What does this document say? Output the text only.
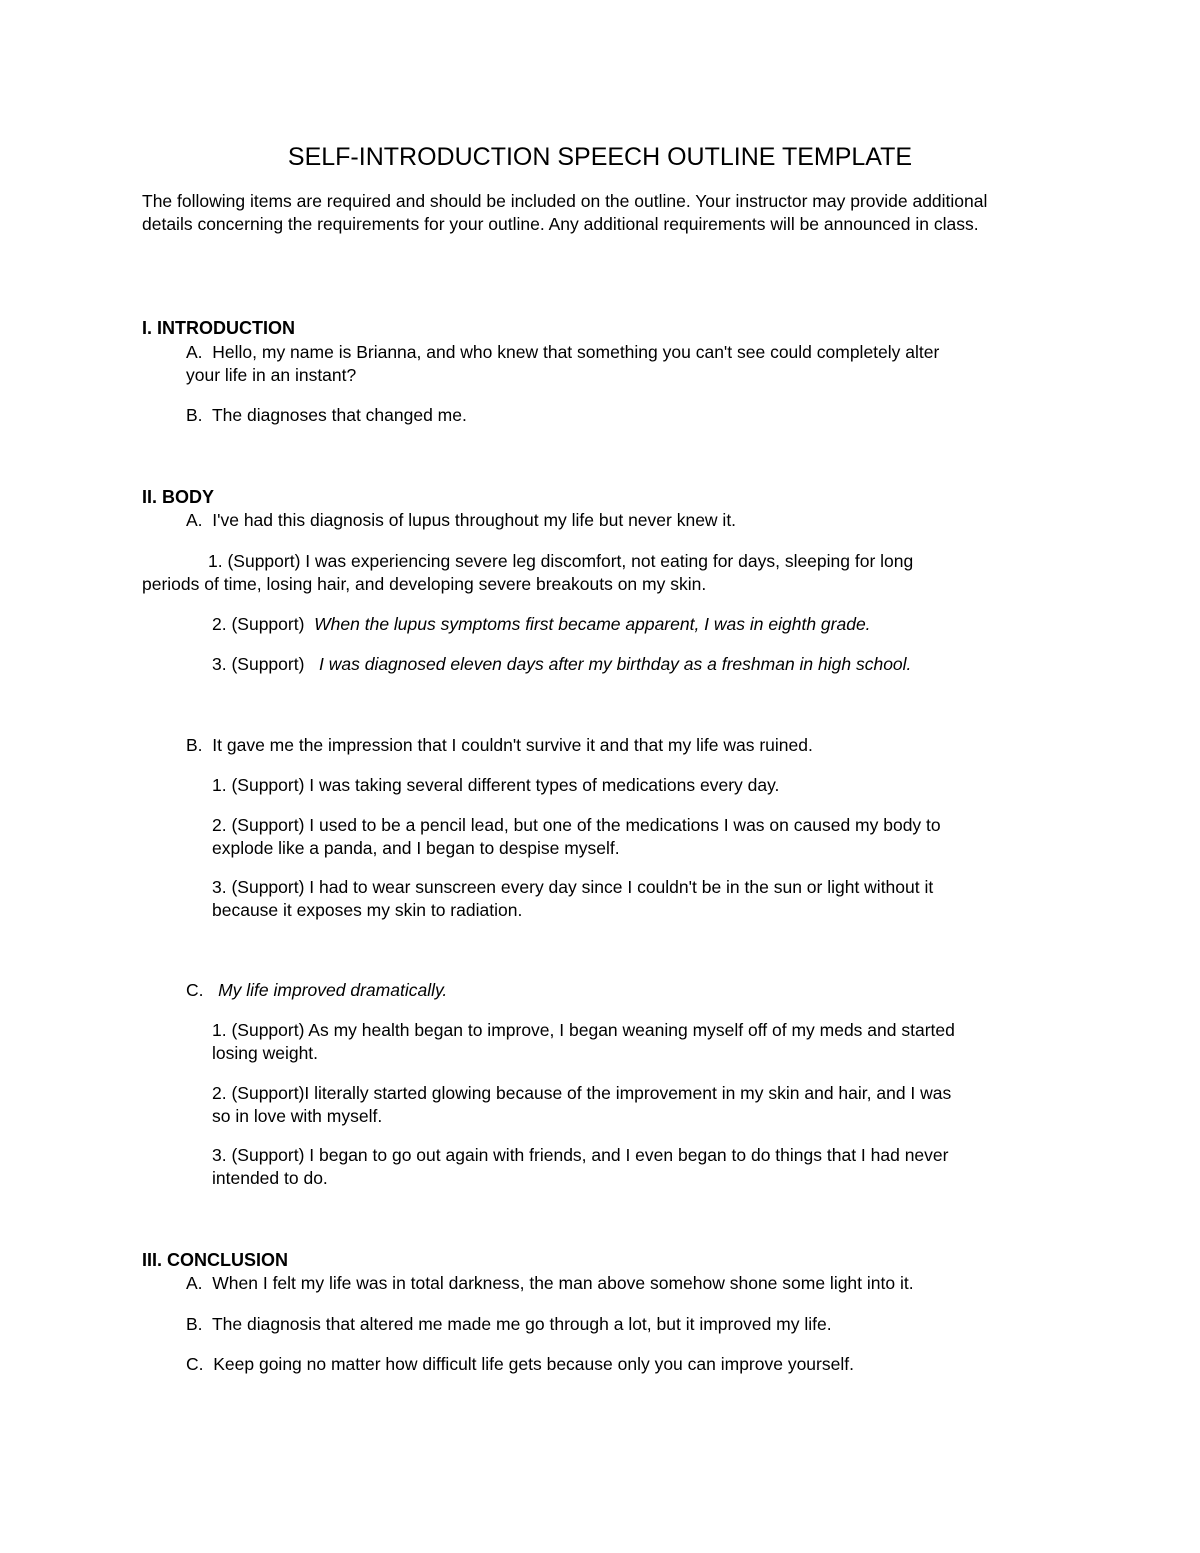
SELF-INTRODUCTION SPEECH OUTLINE TEMPLATE

The following items are required and should be included on the outline. Your instructor may provide additional details concerning the requirements for your outline. Any additional requirements will be announced in class.

I. INTRODUCTION

A.  Hello, my name is Brianna, and who knew that something you can't see could completely alter
your life in an instant?
B.  The diagnoses that changed me.

II. BODY

A.  I've had this diagnosis of lupus throughout my life but never knew it.
1. (Support) I was experiencing severe leg discomfort, not eating for days, sleeping for long
periods of time, losing hair, and developing severe breakouts on my skin.
2. (Support)  When the lupus symptoms first became apparent, I was in eighth grade.
3. (Support)   I was diagnosed eleven days after my birthday as a freshman in high school.
B.  It gave me the impression that I couldn't survive it and that my life was ruined.
1. (Support) I was taking several different types of medications every day.
2. (Support) I used to be a pencil lead, but one of the medications I was on caused my body to
explode like a panda, and I began to despise myself.
3. (Support) I had to wear sunscreen every day since I couldn't be in the sun or light without it
because it exposes my skin to radiation.
C.   My life improved dramatically.
1. (Support) As my health began to improve, I began weaning myself off of my meds and started
losing weight.
2. (Support)I literally started glowing because of the improvement in my skin and hair, and I was
so in love with myself.
3. (Support) I began to go out again with friends, and I even began to do things that I had never
intended to do.

III. CONCLUSION

A.  When I felt my life was in total darkness, the man above somehow shone some light into it.
B.  The diagnosis that altered me made me go through a lot, but it improved my life.
C.  Keep going no matter how difficult life gets because only you can improve yourself.
